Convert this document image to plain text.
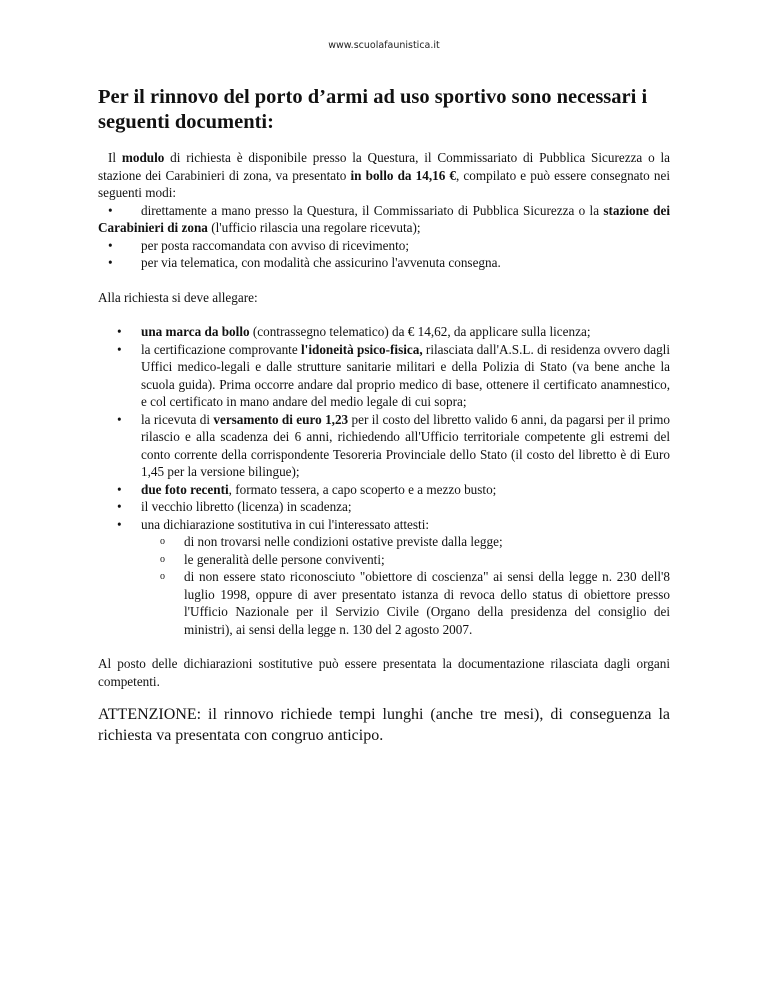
www.scuolafaunistica.it
Per il rinnovo del porto d’armi ad uso sportivo sono necessari i seguenti documenti:

Il modulo di richiesta è disponibile presso la Questura, il Commissariato di Pubblica Sicurezza o la stazione dei Carabinieri di zona, va presentato in bollo da 14,16 €, compilato e può essere consegnato nei seguenti modi:

• direttamente a mano presso la Questura, il Commissariato di Pubblica Sicurezza o la stazione dei Carabinieri di zona (l'ufficio rilascia una regolare ricevuta);
• per posta raccomandata con avviso di ricevimento;
• per via telematica, con modalità che assicurino l'avvenuta consegna.

Alla richiesta si deve allegare:

• una marca da bollo (contrassegno telematico) da € 14,62, da applicare sulla licenza;
• la certificazione comprovante l'idoneità psico-fisica, rilasciata dall'A.S.L. di residenza ovvero dagli Uffici medico-legali e dalle strutture sanitarie militari e della Polizia di Stato (va bene anche la scuola guida). Prima occorre andare dal proprio medico di base, ottenere il certificato anamnestico, e col certificato in mano andare del medio legale di cui sopra;
• la ricevuta di versamento di euro 1,23 per il costo del libretto valido 6 anni, da pagarsi per il primo rilascio e alla scadenza dei 6 anni, richiedendo all'Ufficio territoriale competente gli estremi del conto corrente della corrispondente Tesoreria Provinciale dello Stato (il costo del libretto è di Euro 1,45 per la versione bilingue);
• due foto recenti, formato tessera, a capo scoperto e a mezzo busto;
• il vecchio libretto (licenza) in scadenza;
• una dichiarazione sostitutiva in cui l'interessato attesti:
o di non trovarsi nelle condizioni ostative previste dalla legge;
o le generalità delle persone conviventi;
o di non essere stato riconosciuto "obiettore di coscienza" ai sensi della legge n. 230 dell'8 luglio 1998, oppure di aver presentato istanza di revoca dello status di obiettore presso l'Ufficio Nazionale per il Servizio Civile (Organo della presidenza del consiglio dei ministri), ai sensi della legge n. 130 del 2 agosto 2007.

Al posto delle dichiarazioni sostitutive può essere presentata la documentazione rilasciata dagli organi competenti.

ATTENZIONE: il rinnovo richiede tempi lunghi (anche tre mesi), di conseguenza la richiesta va presentata con congruo anticipo.
